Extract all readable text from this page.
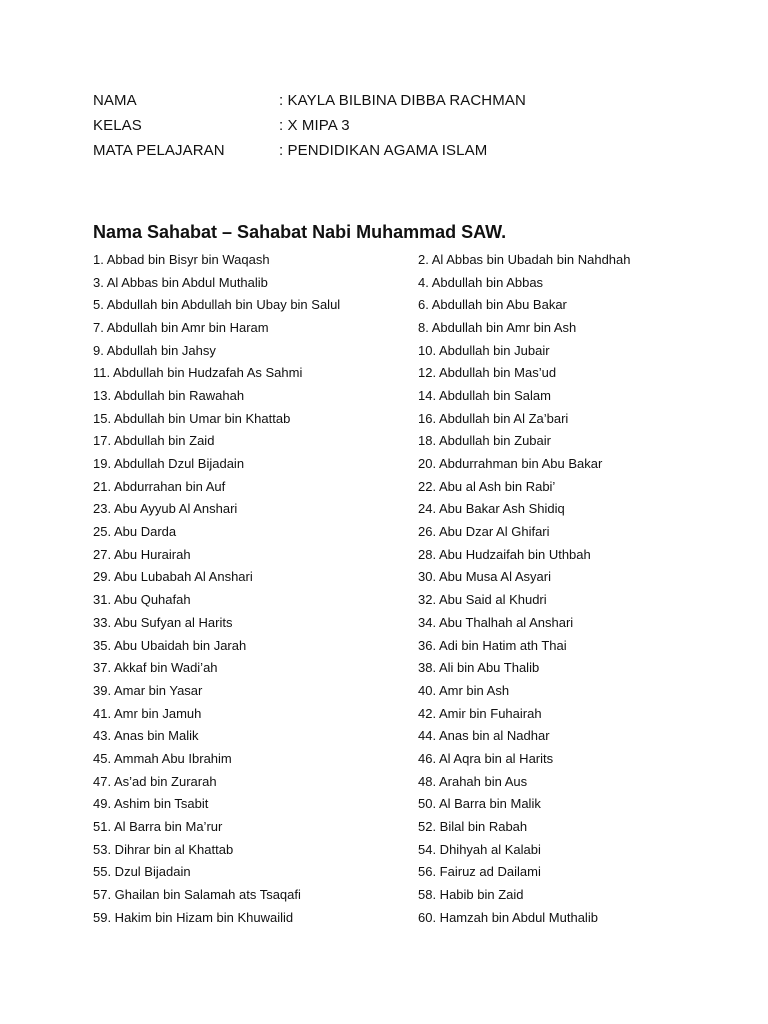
NAMA	: KAYLA BILBINA DIBBA RACHMAN
KELAS	: X MIPA 3
MATA PELAJARAN	: PENDIDIKAN AGAMA ISLAM
Nama Sahabat – Sahabat Nabi Muhammad SAW.
1. Abbad bin Bisyr bin Waqash	2. Al Abbas bin Ubadah bin Nahdhah
3. Al Abbas bin Abdul Muthalib	4. Abdullah bin Abbas
5. Abdullah bin Abdullah bin Ubay bin Salul	6. Abdullah bin Abu Bakar
7. Abdullah bin Amr bin Haram	8. Abdullah bin Amr bin Ash
9. Abdullah bin Jahsy	10. Abdullah bin Jubair
11. Abdullah bin Hudzafah As Sahmi	12. Abdullah bin Mas’ud
13. Abdullah bin Rawahah	14. Abdullah bin Salam
15. Abdullah bin Umar bin Khattab	16. Abdullah bin Al Za’bari
17. Abdullah bin Zaid	18. Abdullah bin Zubair
19. Abdullah Dzul Bijadain	20. Abdurrahman bin Abu Bakar
21. Abdurrahan bin Auf	22. Abu al Ash bin Rabi’
23. Abu Ayyub Al Anshari	24. Abu Bakar Ash Shidiq
25. Abu Darda	26. Abu Dzar Al Ghifari
27. Abu Hurairah	28. Abu Hudzaifah bin Uthbah
29. Abu Lubabah Al Anshari	30. Abu Musa Al Asyari
31. Abu Quhafah	32. Abu Said al Khudri
33. Abu Sufyan al Harits	34. Abu Thalhah al Anshari
35. Abu Ubaidah bin Jarah	36. Adi bin Hatim ath Thai
37. Akkaf bin Wadi’ah	38. Ali bin Abu Thalib
39. Amar bin Yasar	40. Amr bin Ash
41. Amr bin Jamuh	42. Amir bin Fuhairah
43. Anas bin Malik	44. Anas bin al Nadhar
45. Ammah Abu Ibrahim	46. Al Aqra bin al Harits
47. As’ad bin Zurarah	48. Arahah bin Aus
49. Ashim bin Tsabit	50. Al Barra bin Malik
51. Al Barra bin Ma’rur	52. Bilal bin Rabah
53. Dihrar bin al Khattab	54. Dhihyah al Kalabi
55. Dzul Bijadain	56. Fairuz ad Dailami
57. Ghailan bin Salamah ats Tsaqafi	58. Habib bin Zaid
59. Hakim bin Hizam bin Khuwailid	60. Hamzah bin Abdul Muthalib
